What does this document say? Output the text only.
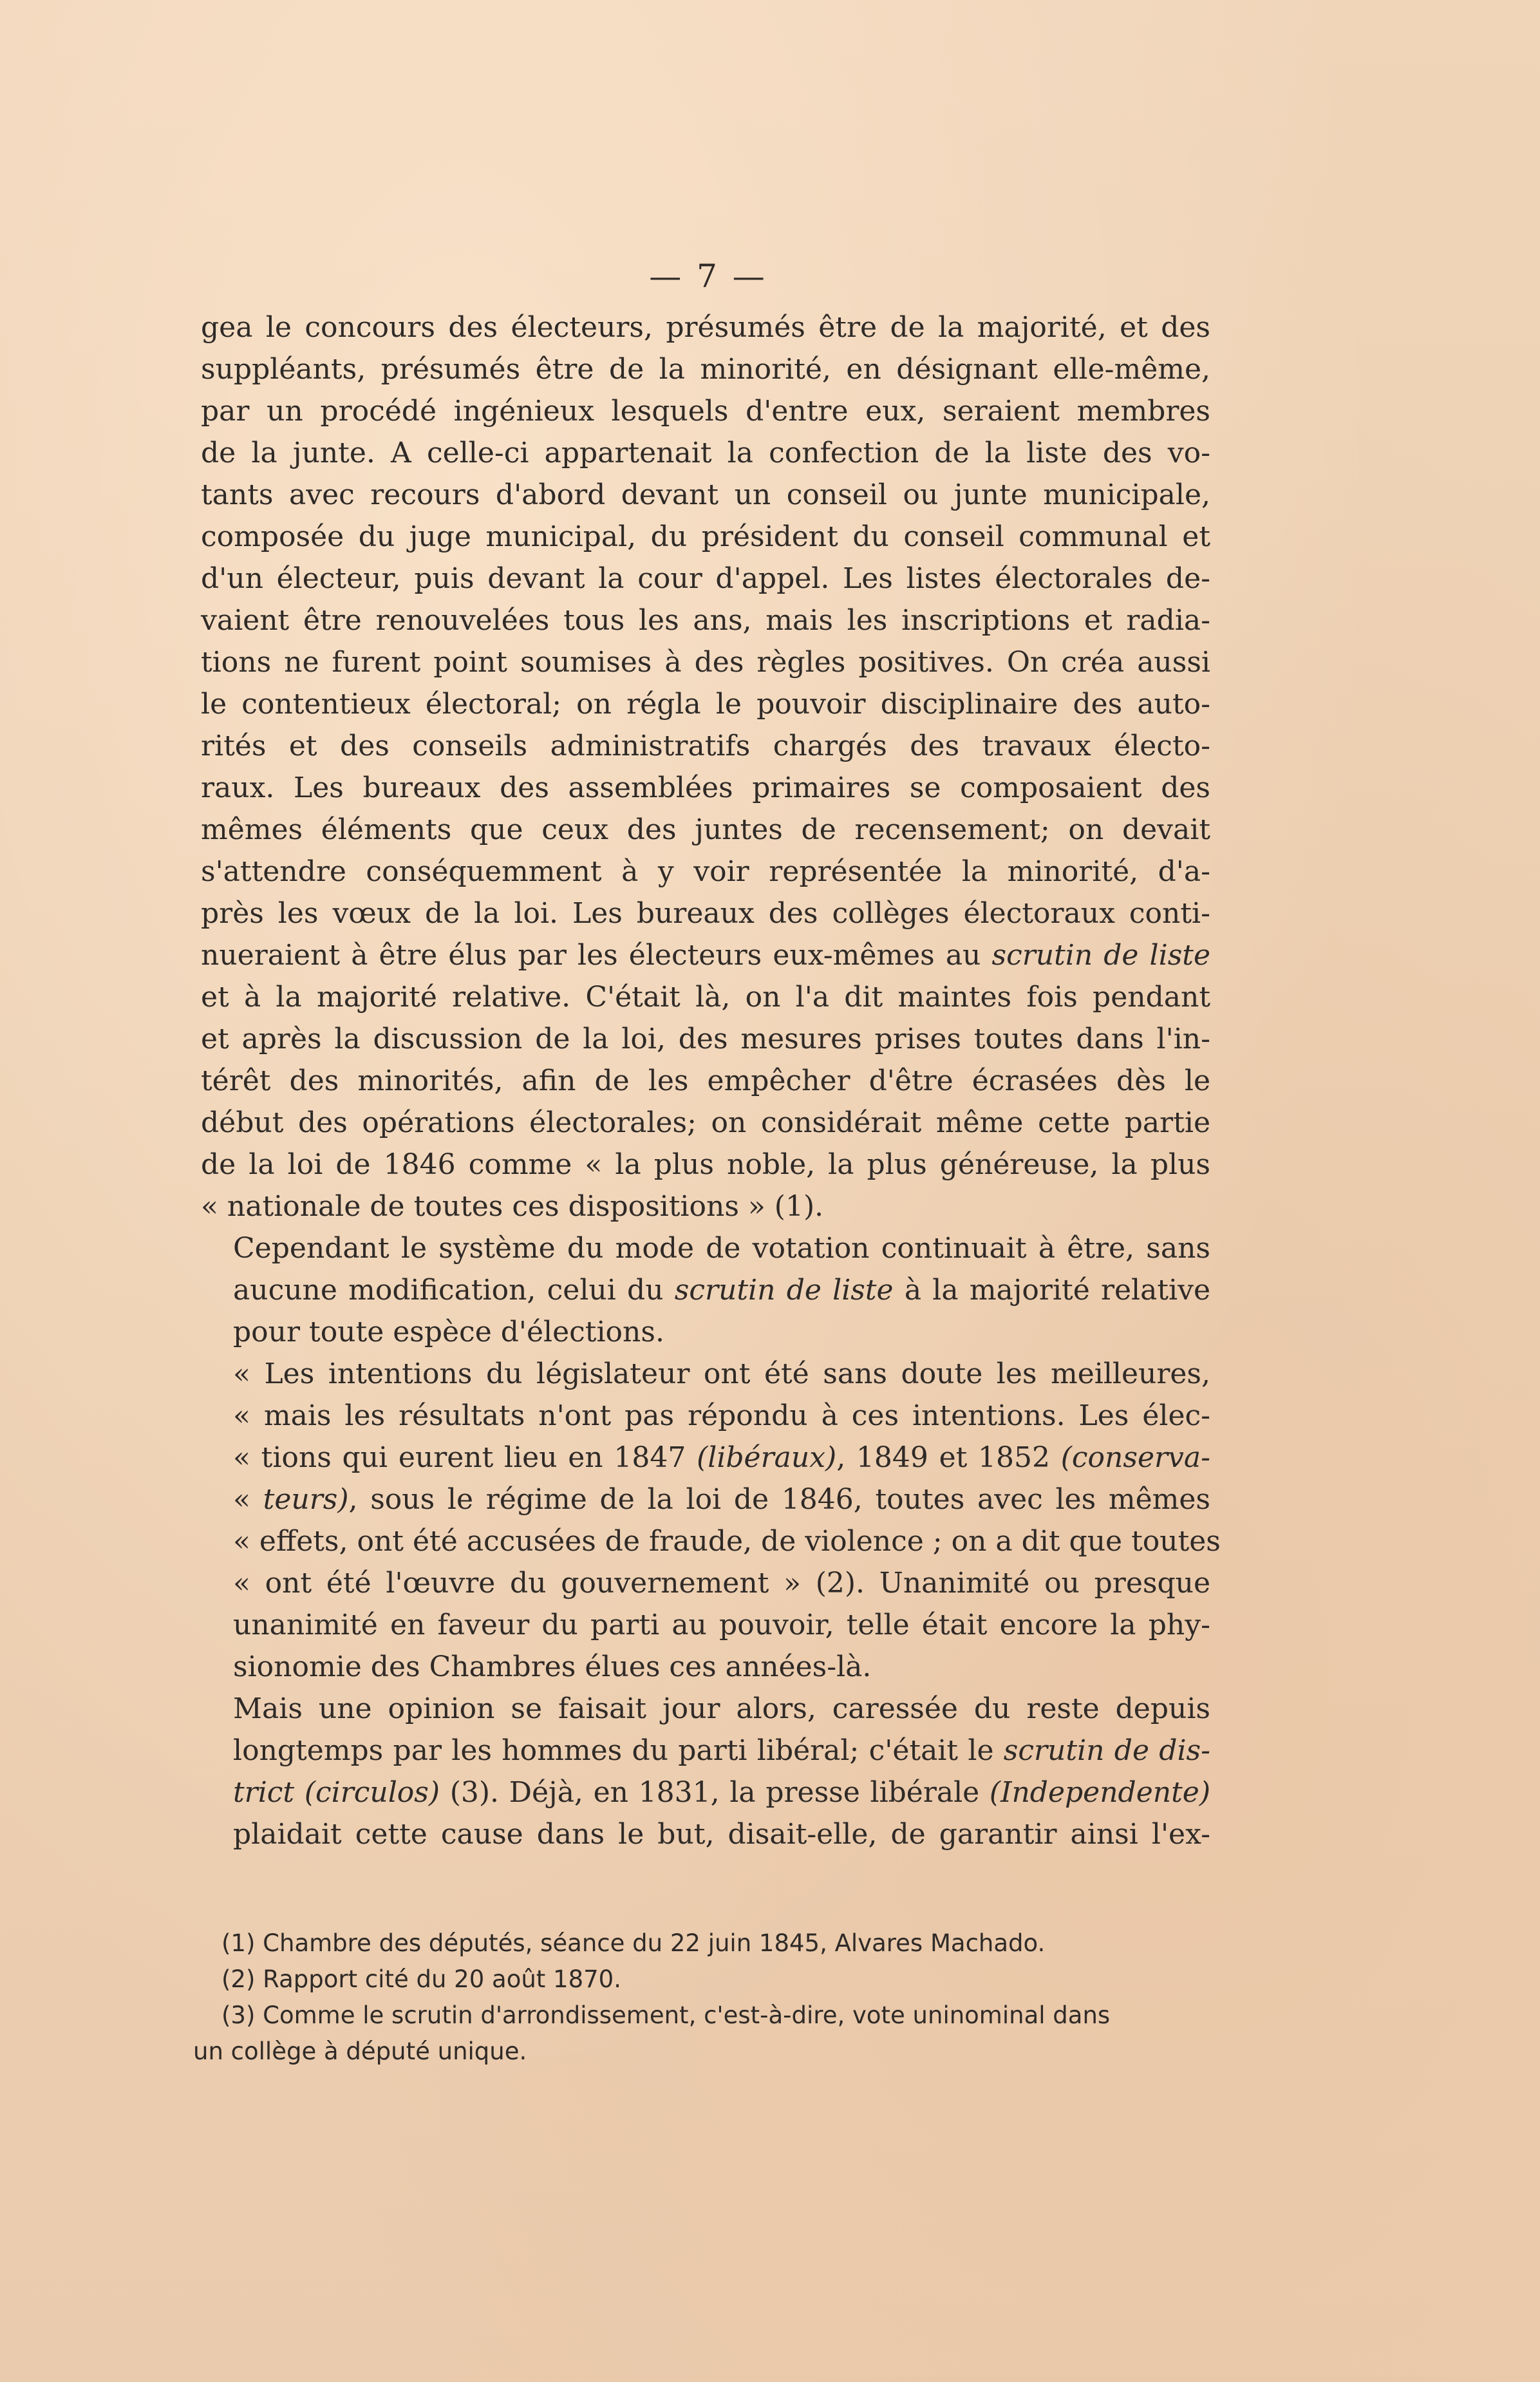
— 7 —

gea le concours des électeurs, présumés être de la majorité, et des
suppléants, présumés être de la minorité, en désignant elle-même,
par un procédé ingénieux lesquels d'entre eux, seraient membres
de la junte. A celle-ci appartenait la confection de la liste des vo-
tants avec recours d'abord devant un conseil ou junte municipale,
composée du juge municipal, du président du conseil communal et
d'un électeur, puis devant la cour d'appel. Les listes électorales de-
vaient être renouvelées tous les ans, mais les inscriptions et radia-
tions ne furent point soumises à des règles positives. On créa aussi
le contentieux électoral; on régla le pouvoir disciplinaire des auto-
rités et des conseils administratifs chargés des travaux électo-
raux. Les bureaux des assemblées primaires se composaient des
mêmes éléments que ceux des juntes de recensement; on devait
s'attendre conséquemment à y voir représentée la minorité, d'a-
près les vœux de la loi. Les bureaux des collèges électoraux conti-
nueraient à être élus par les électeurs eux-mêmes au scrutin de liste
et à la majorité relative. C'était là, on l'a dit maintes fois pendant
et après la discussion de la loi, des mesures prises toutes dans l'in-
térêt des minorités, afin de les empêcher d'être écrasées dès le
début des opérations électorales; on considérait même cette partie
de la loi de 1846 comme « la plus noble, la plus généreuse, la plus
« nationale de toutes ces dispositions » (1).

Cependant le système du mode de votation continuait à être, sans
aucune modification, celui du scrutin de liste à la majorité relative
pour toute espèce d'élections.

« Les intentions du législateur ont été sans doute les meilleures,
« mais les résultats n'ont pas répondu à ces intentions. Les élec-
« tions qui eurent lieu en 1847 (libéraux), 1849 et 1852 (conserva-
« teurs), sous le régime de la loi de 1846, toutes avec les mêmes
« effets, ont été accusées de fraude, de violence ; on a dit que toutes
« ont été l'œuvre du gouvernement » (2). Unanimité ou presque
unanimité en faveur du parti au pouvoir, telle était encore la phy-
sionomie des Chambres élues ces années-là.

Mais une opinion se faisait jour alors, caressée du reste depuis
longtemps par les hommes du parti libéral; c'était le scrutin de dis-
trict (circulos) (3). Déjà, en 1831, la presse libérale (Independente)
plaidait cette cause dans le but, disait-elle, de garantir ainsi l'ex-

(1) Chambre des députés, séance du 22 juin 1845, Alvares Machado.

(2) Rapport cité du 20 août 1870.

(3) Comme le scrutin d'arrondissement, c'est-à-dire, vote uninominal dans

un collège à député unique.
